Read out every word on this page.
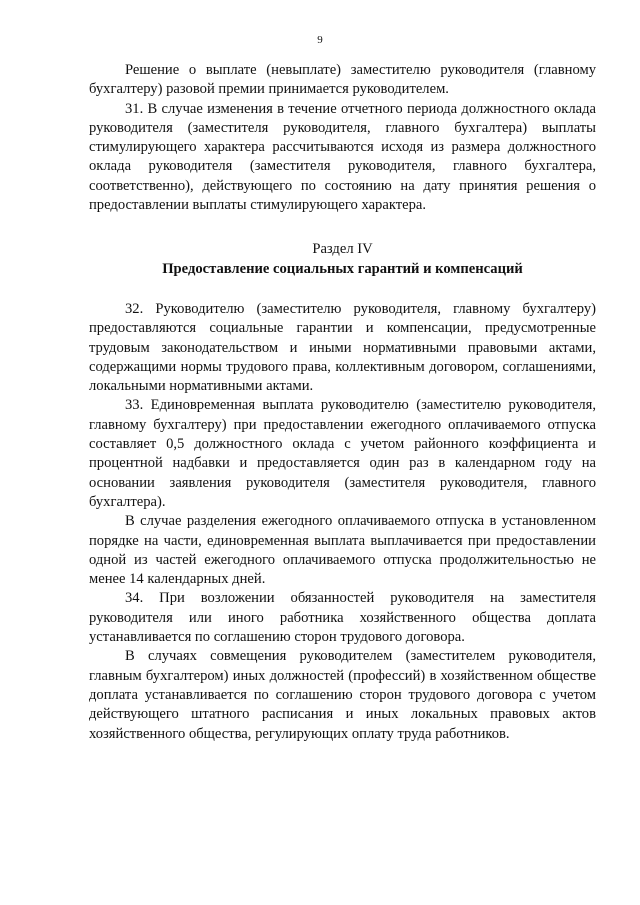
9

Решение о выплате (невыплате) заместителю руководителя (главному бухгалтеру) разовой премии принимается руководителем.

31. В случае изменения в течение отчетного периода должностного оклада руководителя (заместителя руководителя, главного бухгалтера) выплаты стимулирующего характера рассчитываются исходя из размера должностного оклада руководителя (заместителя руководителя, главного бухгалтера, соответственно), действующего по состоянию на дату принятия решения о предоставлении выплаты стимулирующего характера.

Раздел IV

Предоставление социальных гарантий и компенсаций

32. Руководителю (заместителю руководителя, главному бухгалтеру) предоставляются социальные гарантии и компенсации, предусмотренные трудовым законодательством и иными нормативными правовыми актами, содержащими нормы трудового права, коллективным договором, соглашениями, локальными нормативными актами.

33. Единовременная выплата руководителю (заместителю руководителя, главному бухгалтеру) при предоставлении ежегодного оплачиваемого отпуска составляет 0,5 должностного оклада с учетом районного коэффициента и процентной надбавки и предоставляется один раз в календарном году на основании заявления руководителя (заместителя руководителя, главного бухгалтера).

В случае разделения ежегодного оплачиваемого отпуска в установленном порядке на части, единовременная выплата выплачивается при предоставлении одной из частей ежегодного оплачиваемого отпуска продолжительностью не менее 14 календарных дней.

34. При возложении обязанностей руководителя на заместителя руководителя или иного работника хозяйственного общества доплата устанавливается по соглашению сторон трудового договора.

В случаях совмещения руководителем (заместителем руководителя, главным бухгалтером) иных должностей (профессий) в хозяйственном обществе доплата устанавливается по соглашению сторон трудового договора с учетом действующего штатного расписания и иных локальных правовых актов хозяйственного общества, регулирующих оплату труда работников.
